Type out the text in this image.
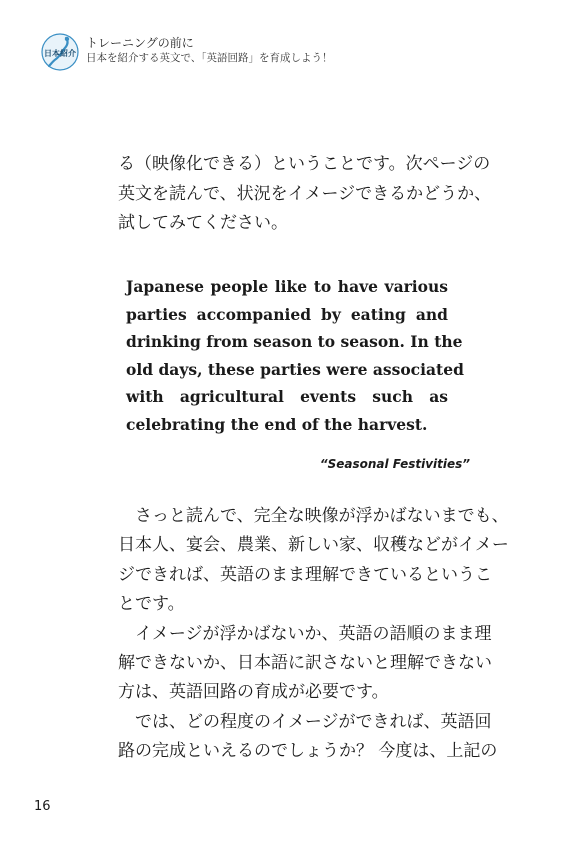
日本紹介
トレーニングの前に
日本を紹介する英文で、「英語回路」を育成しよう！

る（映像化できる）ということです。次ページの

英文を読んで、状況をイメージできるかどうか、

試してみてください。

Japanese people like to have various
parties accompanied by eating and
drinking from season to season. In the
old days, these parties were associated
with agricultural events such as
celebrating the end of the harvest.
“Seasonal Festivities”

　さっと読んで、完全な映像が浮かばないまでも、

日本人、宴会、農業、新しい家、収穫などがイメー

ジできれば、英語のまま理解できているというこ

とです。

　イメージが浮かばないか、英語の語順のまま理

解できないか、日本語に訳さないと理解できない

方は、英語回路の育成が必要です。

　では、どの程度のイメージができれば、英語回

路の完成といえるのでしょうか？ 今度は、上記の

16
